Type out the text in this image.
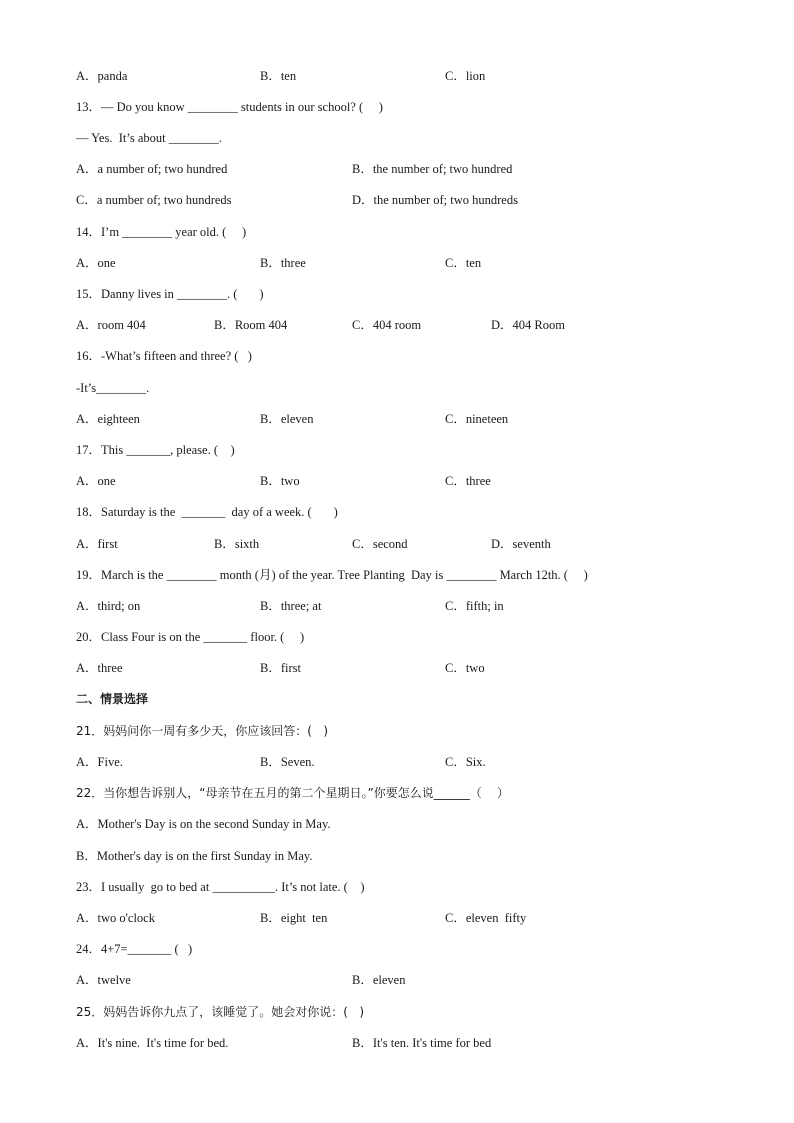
A．panda	B．ten	C．lion
13．— Do you know ________ students in our school? (     )
— Yes.  It’s about ________.
A．a number of; two hundred	B．the number of; two hundred
C．a number of; two hundreds	D．the number of; two hundreds
14．I’m ________ year old. (     )
A．one	B．three	C．ten
15．Danny lives in ________. (       )
A．room 404	B．Room 404	C．404 room	D．404 Room
16．-What’s fifteen and three? (   )
-It’s________.
A．eighteen	B．eleven	C．nineteen
17．This _______, please. (    )
A．one	B．two	C．three
18．Saturday is the  _______  day of a week. (       )
A．first	B．sixth	C．second	D．seventh
19．March is the ________ month (月) of the year. Tree Planting  Day is ________ March 12th. (     )
A．third; on	B．three; at	C．fifth; in
20．Class Four is on the _______ floor. (     )
A．three	B．first	C．two
二、情景选择
21．妈妈问你一周有多少天，你应该回答：(   )
A．Five.	B．Seven.	C．Six.
22．当你想告诉别人，“母亲节在五月的第二个星期日。”你要怎么说______（    ）
A．Mother's Day is on the second Sunday in May.
B．Mother's day is on the first Sunday in May.
23．I usually  go to bed at __________. It’s not late. (    )
A．two o'clock	B．eight  ten	C．eleven  fifty
24．4+7=_______ (   )
A．twelve	B．eleven
25．妈妈告诉你九点了，该睡觉了。她会对你说：(   )
A．It's nine.  It's time for bed.	B．It's ten. It's time for bed
